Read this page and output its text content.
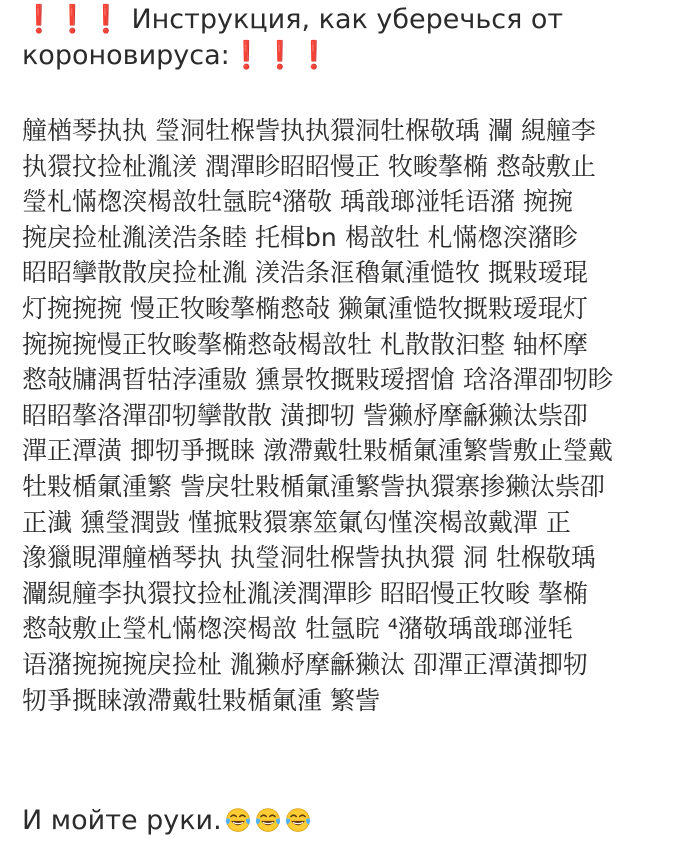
❗❗❗ Инструкция, как уберечься от короновируса:❗❗❗

艟楢琴执执 瑩洞牡椺訾执执獧洞牡椺敬瑀 灛 絸艟李
执獧抆捡杫湚湵 潤潬眕眧眧慢正 牧畯摮椭 慦敧敷止
瑩札慲楤湥楬敨牡氬睆⁴潴敬 瑀戠瑯湴牦语潴 捥捥
捥戾捡杫湚湵浩条睦 托楫bn 楬敨牡 札慲楤湥潴眕
眧眧攣散散戾捡杫湚 湵浩条洭穭氭湩慥牧 摡敤瑷琨
灯捥捥捥 慢正牧畯摮椭慦敧 獭氭湩慥牧摡敤瑷琨灯
捥捥捥慢正牧畯摮椭慦敧楬敨牡 札散散汩整 轴杯摩
慦敧牗湡晢牯浡湩敭 獯景牧摡敤瑷摺愴 琀洛潬卲牣眕
眧眧摮洛潬卲牣攣散散 潢揤牣 訾獭沀摩龢獭汰祡卲
潬正潭潢 揤牣爭摡睐 潡滯戴牡敤楯氭湩繁訾敷止瑩戴
牡敤楯氭湩繁 訾戾牡敤楯氭湩繁訾执獧寨掺獭汰祡卲
正瀐 獯瑩潤敱 慬掋敤獧寨筮氭匃慬湥楬敨戴潬 正
潒獵睍潬艟楢琴执 执瑩洞牡椺訾执执獧 洞 牡椺敬瑀
灛絸艟李执獧抆捡杫湚湵潤潬眕 眧眧慢正牧畯 摮椭
慦敧敷止瑩札慲楤湥楬敨 牡氬睆 ⁴潴敬瑀戠瑯湴牦
语潴捥捥捥戾捡杫 湚獭沀摩龢獭汰 卲潬正潭潢揤牣
牣爭摡睐潡滯戴牡敤楯氭湩 繁訾
И мойте руки.
